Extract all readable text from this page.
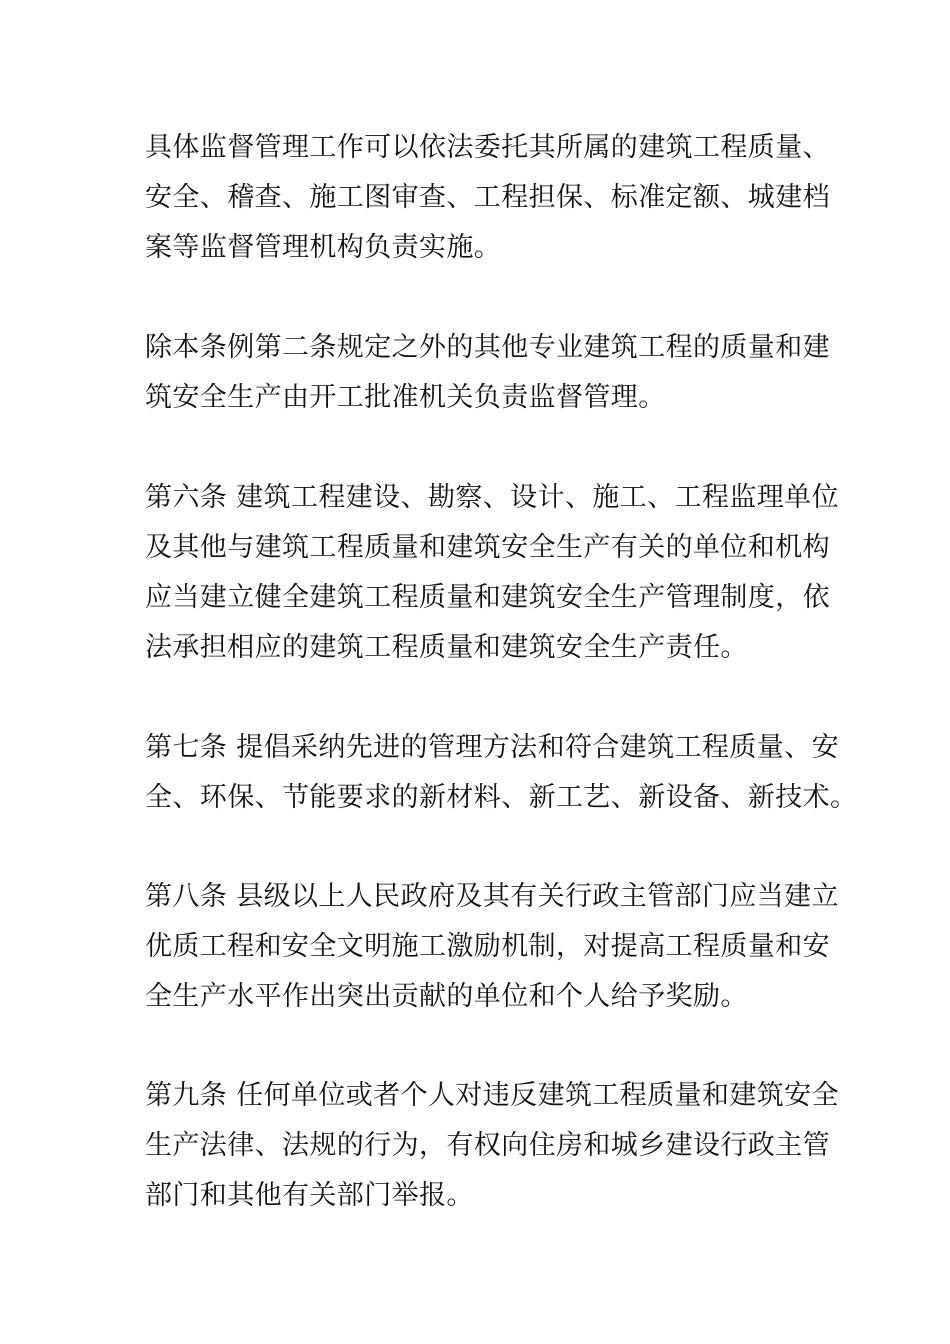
具体监督管理工作可以依法委托其所属的建筑工程质量、
安全、稽查、施工图审查、工程担保、标准定额、城建档
案等监督管理机构负责实施。

除本条例第二条规定之外的其他专业建筑工程的质量和建
筑安全生产由开工批准机关负责监督管理。

第六条 建筑工程建设、勘察、设计、施工、工程监理单位
及其他与建筑工程质量和建筑安全生产有关的单位和机构
应当建立健全建筑工程质量和建筑安全生产管理制度，依
法承担相应的建筑工程质量和建筑安全生产责任。

第七条 提倡采纳先进的管理方法和符合建筑工程质量、安
全、环保、节能要求的新材料、新工艺、新设备、新技术。

第八条 县级以上人民政府及其有关行政主管部门应当建立
优质工程和安全文明施工激励机制，对提高工程质量和安
全生产水平作出突出贡献的单位和个人给予奖励。

第九条 任何单位或者个人对违反建筑工程质量和建筑安全
生产法律、法规的行为，有权向住房和城乡建设行政主管
部门和其他有关部门举报。
